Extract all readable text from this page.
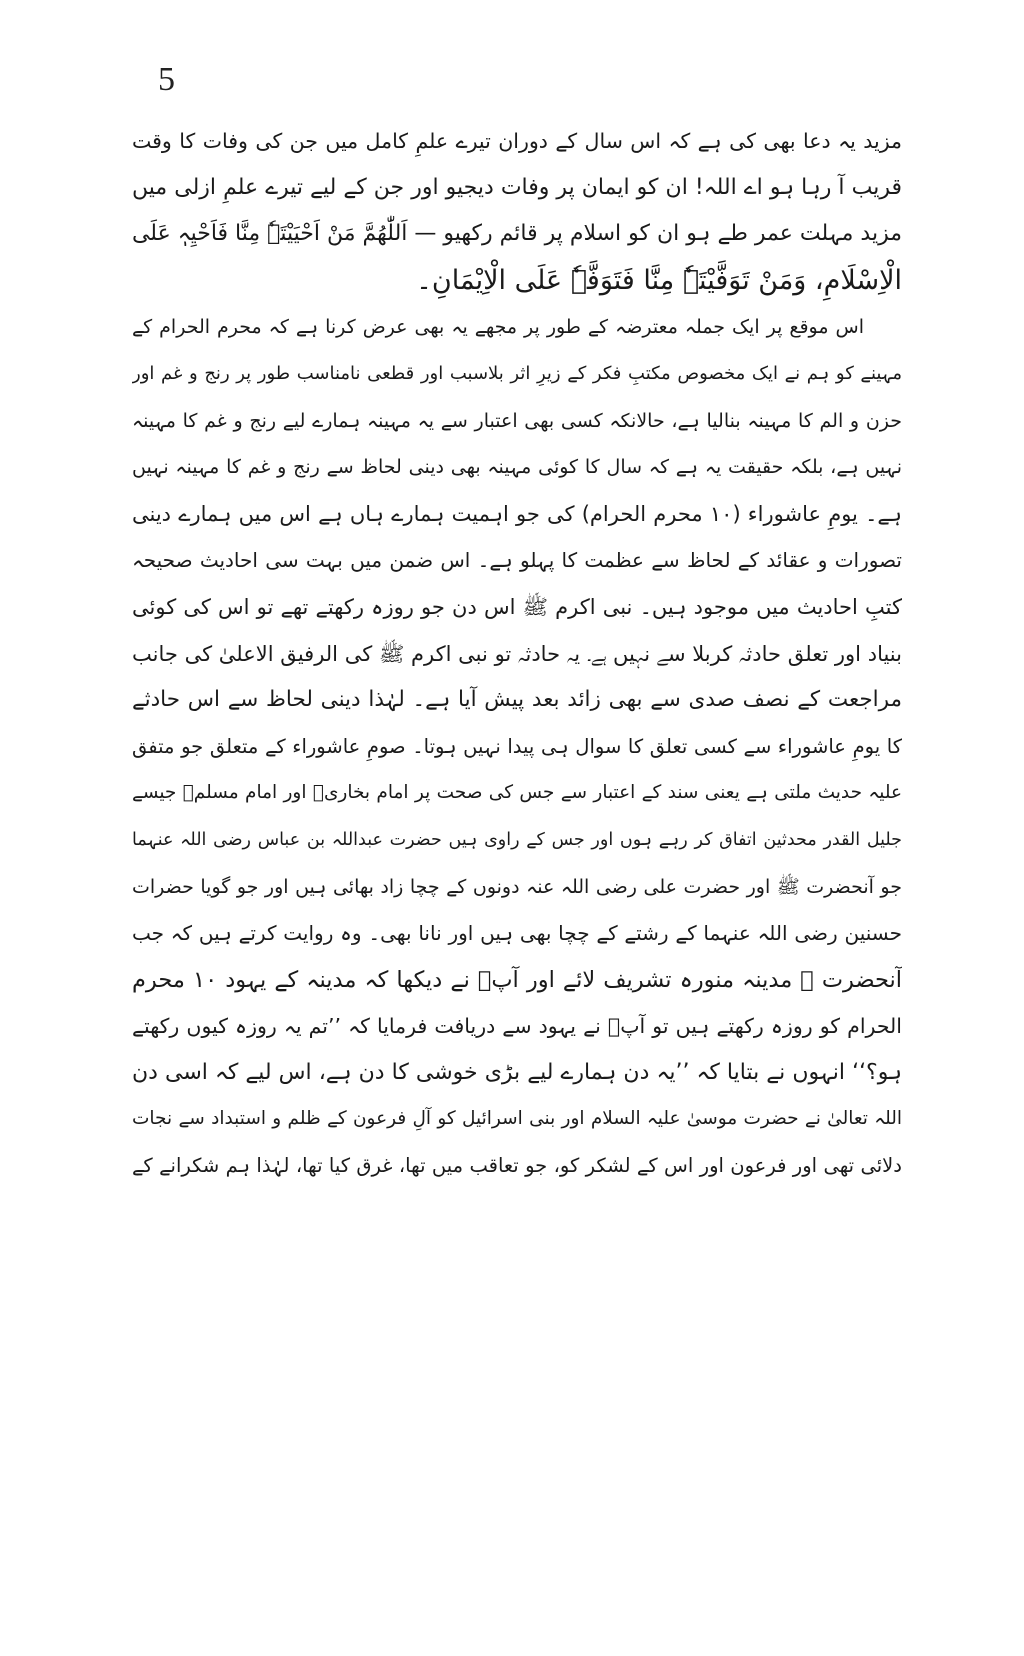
5
مزید یہ دعا بھی کی ہے کہ اس سال کے دوران تیرے علمِ کامل میں جن کی وفات کا وقت
قریب آ رہا ہو اے اللہ! ان کو ایمان پر وفات دیجیو اور جن کے لیے تیرے علمِ ازلی میں
مزید مہلت عمر طے ہو ان کو اسلام پر قائم رکھیو — اَللّٰھُمَّ مَنْ اَحْیَیْتَہٗ مِنَّا فَاَحْیِہٖ عَلَی
الْاِسْلَامِ، وَمَنْ تَوَفَّیْتَہٗ مِنَّا فَتَوَفَّہٗ عَلَی الْاِیْمَانِ۔
اس موقع پر ایک جملہ معترضہ کے طور پر مجھے یہ بھی عرض کرنا ہے کہ محرم الحرام کے
مہینے کو ہم نے ایک مخصوص مکتبِ فکر کے زیرِ اثر بلاسبب اور قطعی نامناسب طور پر رنج و غم اور
حزن و الم کا مہینہ بنالیا ہے، حالانکہ کسی بھی اعتبار سے یہ مہینہ ہمارے لیے رنج و غم کا مہینہ
نہیں ہے، بلکہ حقیقت یہ ہے کہ سال کا کوئی مہینہ بھی دینی لحاظ سے رنج و غم کا مہینہ نہیں
ہے۔ یومِ عاشوراء (۱۰ محرم الحرام) کی جو اہمیت ہمارے ہاں ہے اس میں ہمارے دینی
تصورات و عقائد کے لحاظ سے عظمت کا پہلو ہے۔ اس ضمن میں بہت سی احادیث صحیحہ
کتبِ احادیث میں موجود ہیں۔ نبی اکرم ﷺ اس دن جو روزہ رکھتے تھے تو اس کی کوئی
بنیاد اور تعلق حادثہ کربلا سے نہیں ہے۔ یہ حادثہ تو نبی اکرم ﷺ کی الرفیق الاعلیٰ کی جانب
مراجعت کے نصف صدی سے بھی زائد بعد پیش آیا ہے۔ لہٰذا دینی لحاظ سے اس حادثے
کا یومِ عاشوراء سے کسی تعلق کا سوال ہی پیدا نہیں ہوتا۔ صومِ عاشوراء کے متعلق جو متفق
علیہ حدیث ملتی ہے یعنی سند کے اعتبار سے جس کی صحت پر امام بخاریؒ اور امام مسلمؒ جیسے
جلیل القدر محدثین اتفاق کر رہے ہوں اور جس کے راوی ہیں حضرت عبداللہ بن عباس رضی اللہ عنہما
جو آنحضرت ﷺ اور حضرت علی رضی اللہ عنہ دونوں کے چچا زاد بھائی ہیں اور جو گویا حضرات
حسنین رضی اللہ عنہما کے رشتے کے چچا بھی ہیں اور نانا بھی۔ وہ روایت کرتے ہیں کہ جب
آنحضرت ﷺ مدینہ منورہ تشریف لائے اور آپؐ نے دیکھا کہ مدینہ کے یہود ۱۰ محرم
الحرام کو روزہ رکھتے ہیں تو آپؐ نے یہود سے دریافت فرمایا کہ ’’تم یہ روزہ کیوں رکھتے
ہو؟‘‘ انہوں نے بتایا کہ ’’یہ دن ہمارے لیے بڑی خوشی کا دن ہے، اس لیے کہ اسی دن
اللہ تعالیٰ نے حضرت موسیٰ علیہ السلام اور بنی اسرائیل کو آلِ فرعون کے ظلم و استبداد سے نجات
دلائی تھی اور فرعون اور اس کے لشکر کو، جو تعاقب میں تھا، غرق کیا تھا، لہٰذا ہم شکرانے کے
